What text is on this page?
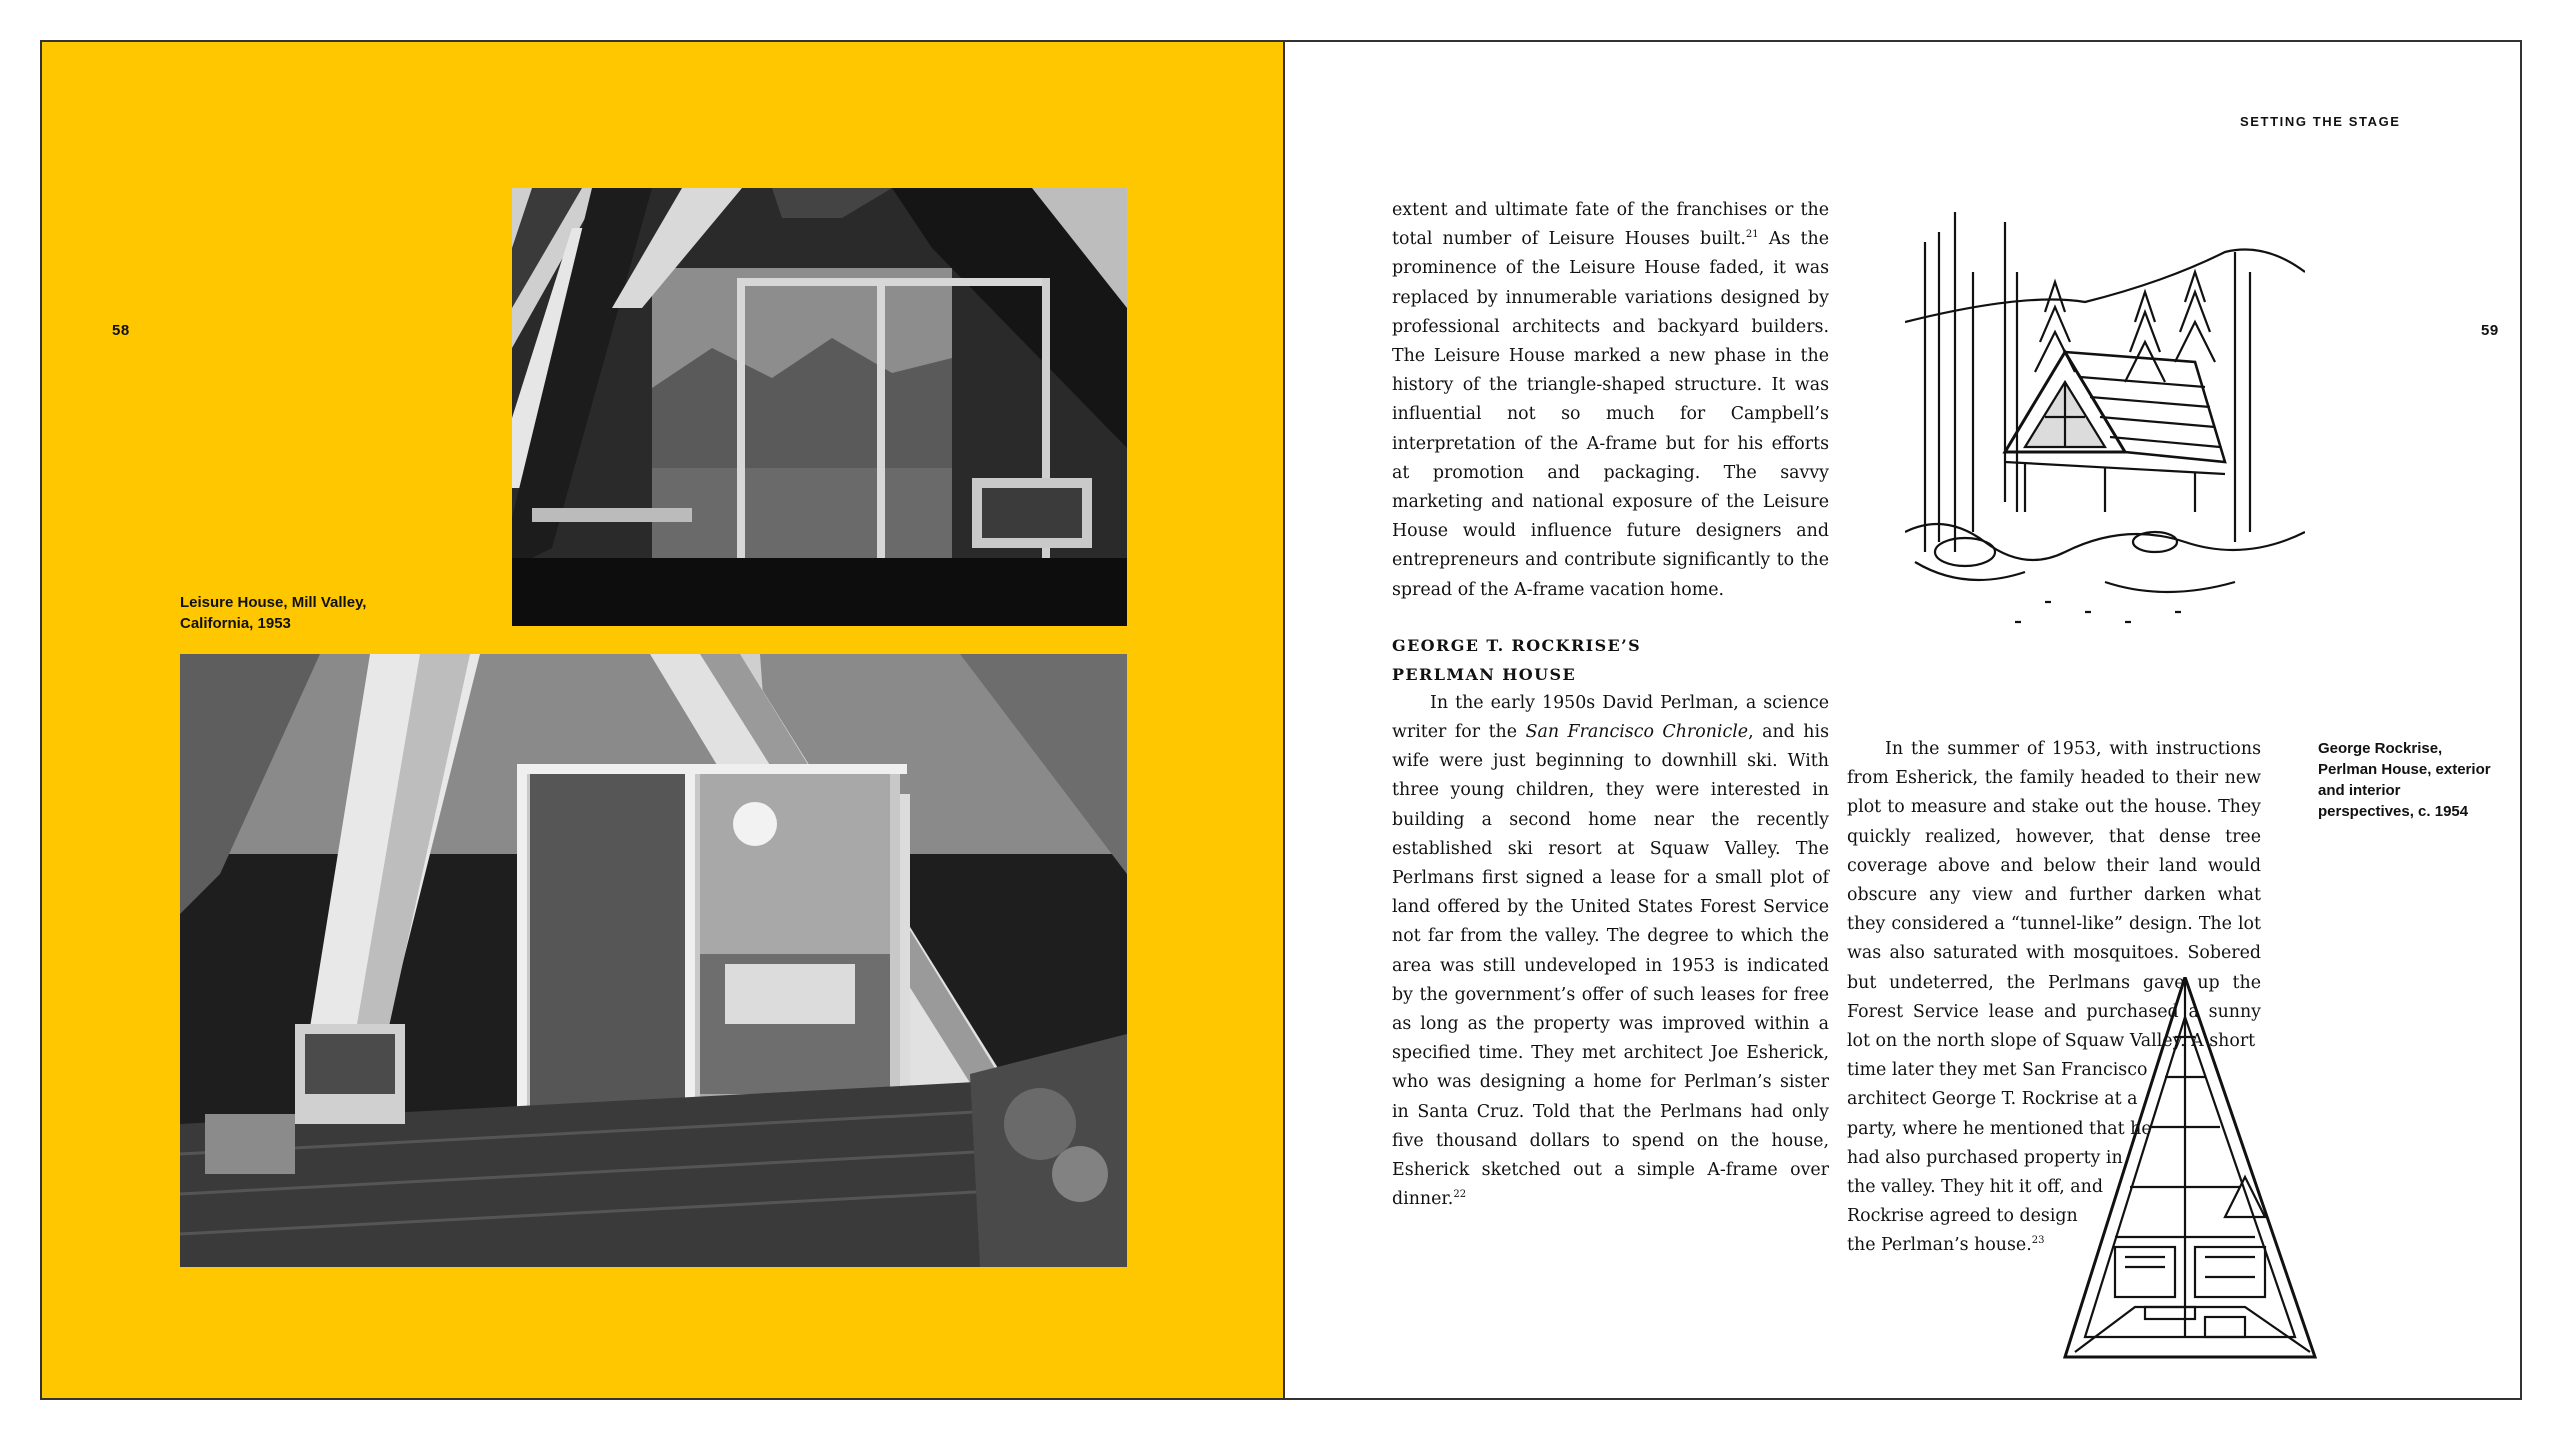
58
Leisure House, Mill Valley, California, 1953
SETTING THE STAGE
59

extent and ultimate fate of the franchises or the total number of Leisure Houses built.$^{21}$ As the prominence of the Leisure House faded, it was replaced by innumerable variations designed by professional architects and backyard builders. The Leisure House marked a new phase in the history of the triangle-shaped structure. It was influential not so much for Campbell’s interpretation of the A-frame but for his efforts at promotion and packaging. The savvy marketing and national exposure of the Leisure House would influence future designers and entrepreneurs and contribute significantly to the spread of the A-frame vacation home.

GEORGE T. ROCKRISE’S

PERLMAN HOUSE

In the early 1950s David Perlman, a science writer for the San Francisco Chronicle, and his wife were just beginning to downhill ski. With three young children, they were interested in building a second home near the recently established ski resort at Squaw Valley. The Perlmans first signed a lease for a small plot of land offered by the United States Forest Service not far from the valley. The degree to which the area was still undeveloped in 1953 is indicated by the government’s offer of such leases for free as long as the property was improved within a specified time. They met architect Joe Esherick, who was designing a home for Perlman’s sister in Santa Cruz. Told that the Perlmans had only five thousand dollars to spend on the house, Esherick sketched out a simple A-frame over dinner.$^{22}$

In the summer of 1953, with instructions from Esherick, the family headed to their new plot to measure and stake out the house. They quickly realized, however, that dense tree coverage above and below their land would obscure any view and further darken what they considered a “tunnel-like” design. The lot was also saturated with mosquitoes. Sobered but undeterred, the Perlmans gave up the Forest Service lease and purchased a sunny lot on the north slope of Squaw Valley. A short

time later they met San Francisco

architect George T. Rockrise at a

party, where he mentioned that he

had also purchased property in

the valley. They hit it off, and

Rockrise agreed to design

the Perlman’s house.$^{23}$

George Rockrise, Perlman House, exterior and interior perspectives, c. 1954
